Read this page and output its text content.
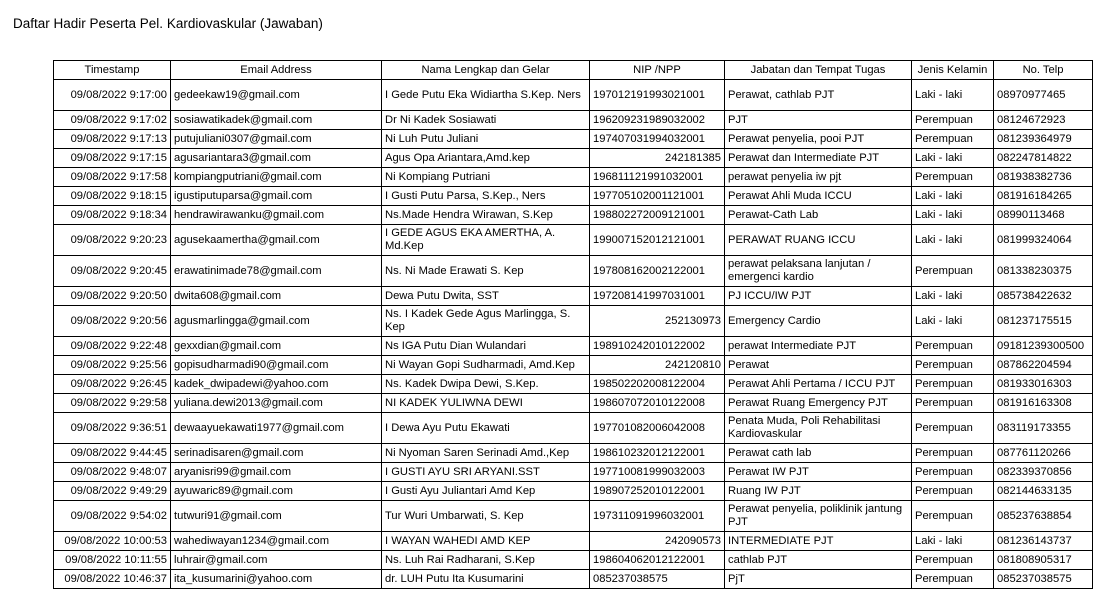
Daftar Hadir Peserta Pel. Kardiovaskular (Jawaban)
Timestamp	Email Address	Nama Lengkap dan Gelar	NIP /NPP	Jabatan dan Tempat Tugas	Jenis Kelamin	No. Telp
09/08/2022 9:17:00	gedeekaw19@gmail.com	I Gede Putu Eka Widiartha S.Kep. Ners	197012191993021001	Perawat, cathlab PJT	Laki - laki	08970977465
09/08/2022 9:17:02	sosiawatikadek@gmail.com	Dr Ni Kadek Sosiawati	196209231989032002	PJT	Perempuan	08124672923
09/08/2022 9:17:13	putujuliani0307@gmail.com	Ni Luh Putu Juliani	197407031994032001	Perawat penyelia, pooi PJT	Perempuan	081239364979
09/08/2022 9:17:15	agusariantara3@gmail.com	Agus Opa Ariantara,Amd.kep	242181385	Perawat dan Intermediate PJT	Laki - laki	082247814822
09/08/2022 9:17:58	kompiangputriani@gmail.com	Ni Kompiang Putriani	196811121991032001	perawat penyelia iw pjt	Perempuan	081938382736
09/08/2022 9:18:15	igustiputuparsa@gmail.com	I Gusti Putu Parsa, S.Kep., Ners	197705102001121001	Perawat Ahli Muda ICCU	Laki - laki	081916184265
09/08/2022 9:18:34	hendrawirawanku@gmail.com	Ns.Made Hendra Wirawan, S.Kep	198802272009121001	Perawat-Cath Lab	Laki - laki	08990113468
09/08/2022 9:20:23	agusekaamertha@gmail.com	I GEDE AGUS EKA AMERTHA, A. Md.Kep	199007152012121001	PERAWAT RUANG ICCU	Laki - laki	081999324064
09/08/2022 9:20:45	erawatinimade78@gmail.com	Ns. Ni Made Erawati S. Kep	197808162002122001	perawat pelaksana lanjutan / emergenci kardio	Perempuan	081338230375
09/08/2022 9:20:50	dwita608@gmail.com	Dewa Putu Dwita, SST	197208141997031001	PJ ICCU/IW PJT	Laki - laki	085738422632
09/08/2022 9:20:56	agusmarlingga@gmail.com	Ns. I Kadek Gede Agus Marlingga, S. Kep	252130973	Emergency Cardio	Laki - laki	081237175515
09/08/2022 9:22:48	gexxdian@gmail.com	Ns IGA Putu Dian Wulandari	198910242010122002	perawat Intermediate PJT	Perempuan	09181239300500
09/08/2022 9:25:56	gopisudharmadi90@gmail.com	Ni Wayan Gopi Sudharmadi, Amd.Kep	242120810	Perawat	Perempuan	087862204594
09/08/2022 9:26:45	kadek_dwipadewi@yahoo.com	Ns. Kadek Dwipa Dewi, S.Kep.	198502202008122004	Perawat Ahli Pertama / ICCU PJT	Perempuan	081933016303
09/08/2022 9:29:58	yuliana.dewi2013@gmail.com	NI KADEK YULIWNA DEWI	198607072010122008	Perawat Ruang Emergency PJT	Perempuan	081916163308
09/08/2022 9:36:51	dewaayuekawati1977@gmail.com	I Dewa Ayu Putu Ekawati	197701082006042008	Penata Muda, Poli Rehabilitasi Kardiovaskular	Perempuan	083119173355
09/08/2022 9:44:45	serinadisaren@gmail.com	Ni Nyoman Saren Serinadi Amd.,Kep	198610232012122001	Perawat cath lab	Perempuan	087761120266
09/08/2022 9:48:07	aryanisri99@gmail.com	I GUSTI AYU SRI ARYANI.SST	197710081999032003	Perawat IW PJT	Perempuan	082339370856
09/08/2022 9:49:29	ayuwaric89@gmail.com	I Gusti Ayu Juliantari Amd Kep	198907252010122001	Ruang IW PJT	Perempuan	082144633135
09/08/2022 9:54:02	tutwuri91@gmail.com	Tur Wuri Umbarwati, S. Kep	197311091996032001	Perawat penyelia, poliklinik jantung PJT	Perempuan	085237638854
09/08/2022 10:00:53	wahediwayan1234@gmail.com	I WAYAN WAHEDI AMD KEP	242090573	INTERMEDIATE PJT	Laki - laki	081236143737
09/08/2022 10:11:55	luhrair@gmail.com	Ns. Luh Rai Radharani, S.Kep	198604062012122001	cathlab PJT	Perempuan	081808905317
09/08/2022 10:46:37	ita_kusumarini@yahoo.com	dr. LUH Putu Ita Kusumarini	085237038575	PjT	Perempuan	085237038575
